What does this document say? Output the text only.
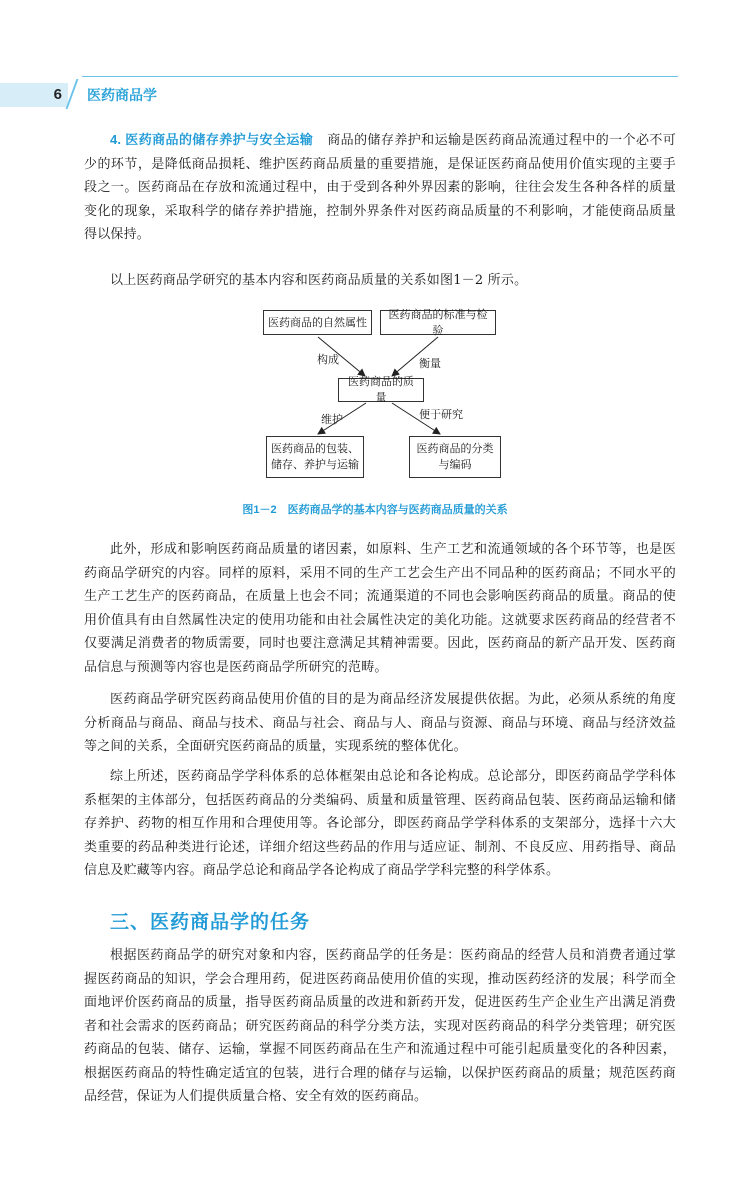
6 医药商品学
4. 医药商品的储存养护与安全运输 商品的储存养护和运输是医药商品流通过程中的一个必不可少的环节，是降低商品损耗、维护医药商品质量的重要措施，是保证医药商品使用价值实现的主要手段之一。医药商品在存放和流通过程中，由于受到各种外界因素的影响，往往会发生各种各样的质量变化的现象，采取科学的储存养护措施，控制外界条件对医药商品质量的不利影响，才能使商品质量得以保持。
以上医药商品学研究的基本内容和医药商品质量的关系如图1－2 所示。
医药商品的自然属性
医药商品的标准与检验
医药商品的质量
医药商品的包装、储存、养护与运输
医药商品的分类与编码
构成	衡量
维护	便于研究
图1－2　医药商品学的基本内容与医药商品质量的关系
此外，形成和影响医药商品质量的诸因素，如原料、生产工艺和流通领域的各个环节等，也是医药商品学研究的内容。同样的原料，采用不同的生产工艺会生产出不同品种的医药商品；不同水平的生产工艺生产的医药商品，在质量上也会不同；流通渠道的不同也会影响医药商品的质量。商品的使用价值具有由自然属性决定的使用功能和由社会属性决定的美化功能。这就要求医药商品的经营者不仅要满足消费者的物质需要，同时也要注意满足其精神需要。因此，医药商品的新产品开发、医药商品信息与预测等内容也是医药商品学所研究的范畴。
医药商品学研究医药商品使用价值的目的是为商品经济发展提供依据。为此，必须从系统的角度分析商品与商品、商品与技术、商品与社会、商品与人、商品与资源、商品与环境、商品与经济效益等之间的关系，全面研究医药商品的质量，实现系统的整体优化。
综上所述，医药商品学学科体系的总体框架由总论和各论构成。总论部分，即医药商品学学科体系框架的主体部分，包括医药商品的分类编码、质量和质量管理、医药商品包装、医药商品运输和储存养护、药物的相互作用和合理使用等。各论部分，即医药商品学学科体系的支架部分，选择十六大类重要的药品种类进行论述，详细介绍这些药品的作用与适应证、制剂、不良反应、用药指导、商品信息及贮藏等内容。商品学总论和商品学各论构成了商品学学科完整的科学体系。
三、医药商品学的任务
根据医药商品学的研究对象和内容，医药商品学的任务是：医药商品的经营人员和消费者通过掌握医药商品的知识，学会合理用药，促进医药商品使用价值的实现，推动医药经济的发展；科学而全面地评价医药商品的质量，指导医药商品质量的改进和新药开发，促进医药生产企业生产出满足消费者和社会需求的医药商品；研究医药商品的科学分类方法，实现对医药商品的科学分类管理；研究医药商品的包装、储存、运输，掌握不同医药商品在生产和流通过程中可能引起质量变化的各种因素，根据医药商品的特性确定适宜的包装，进行合理的储存与运输，以保护医药商品的质量；规范医药商品经营，保证为人们提供质量合格、安全有效的医药商品。
